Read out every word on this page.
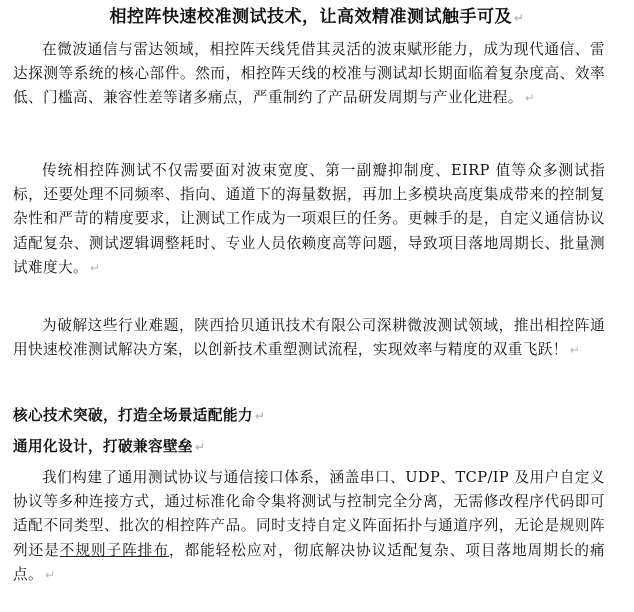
相控阵快速校准测试技术，让高效精准测试触手可及 ↵
在微波通信与雷达领域，相控阵天线凭借其灵活的波束赋形能力，成为现代通信、雷达探测等系统的核心部件。然而，相控阵天线的校准与测试却长期面临着复杂度高、效率低、门槛高、兼容性差等诸多痛点，严重制约了产品研发周期与产业化进程。 ↵
传统相控阵测试不仅需要面对波束宽度、第一副瓣抑制度、EIRP 值等众多测试指标，还要处理不同频率、指向、通道下的海量数据，再加上多模块高度集成带来的控制复杂性和严苛的精度要求，让测试工作成为一项艰巨的任务。更棘手的是，自定义通信协议适配复杂、测试逻辑调整耗时、专业人员依赖度高等问题，导致项目落地周期长、批量测试难度大。 ↵
为破解这些行业难题，陕西拾贝通讯技术有限公司深耕微波测试领域，推出相控阵通用快速校准测试解决方案，以创新技术重塑测试流程，实现效率与精度的双重飞跃！ ↵
核心技术突破，打造全场景适配能力 ↵
通用化设计，打破兼容壁垒 ↵
我们构建了通用测试协议与通信接口体系，涵盖串口、UDP、TCP/IP 及用户自定义协议等多种连接方式，通过标准化命令集将测试与控制完全分离，无需修改程序代码即可适配不同类型、批次的相控阵产品。同时支持自定义阵面拓扑与通道序列，无论是规则阵列还是不规则子阵排布，都能轻松应对，彻底解决协议适配复杂、项目落地周期长的痛点。 ↵
